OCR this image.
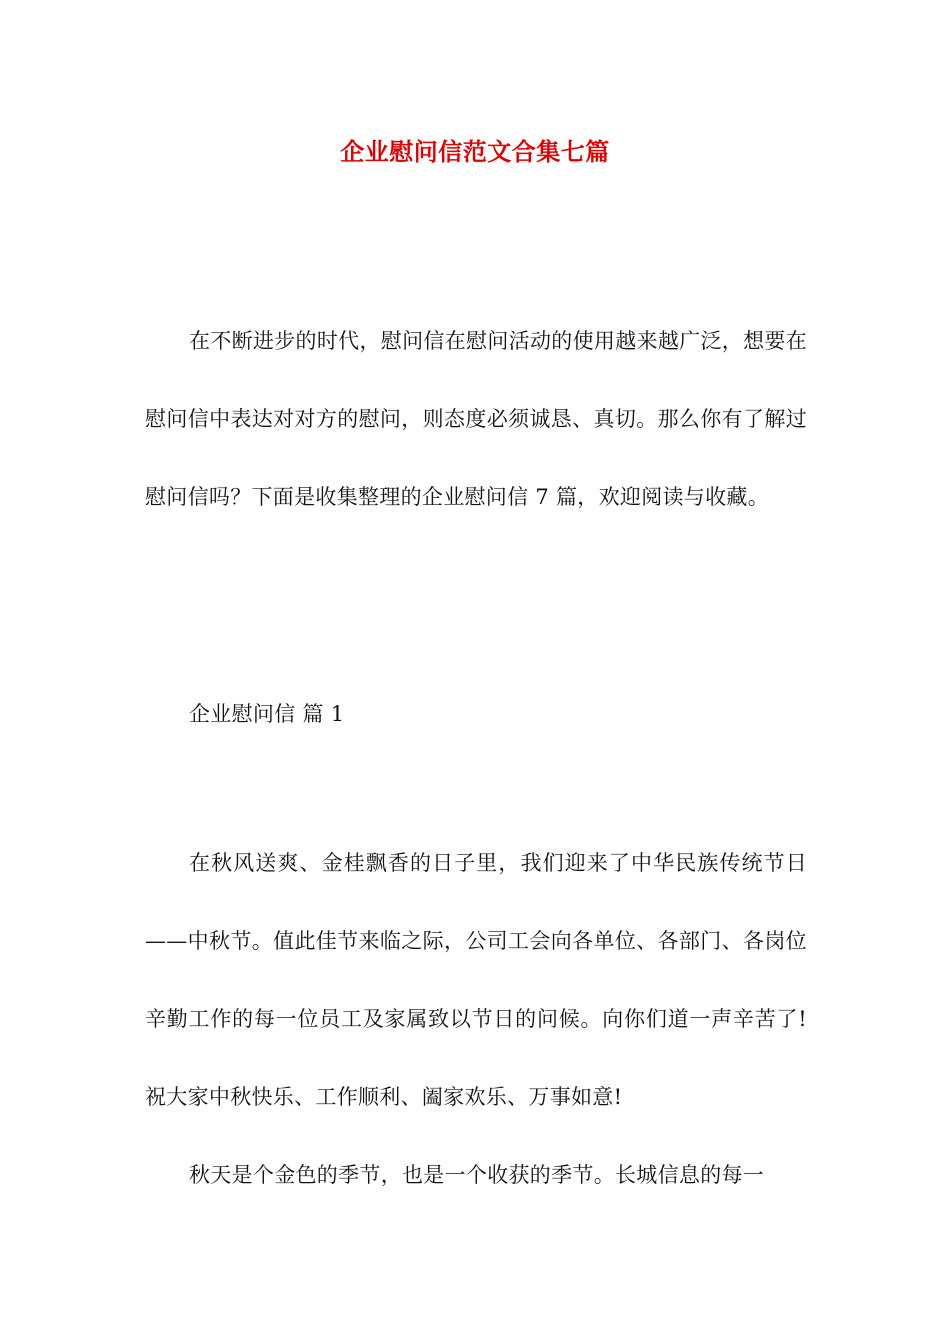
企业慰问信范文合集七篇

在不断进步的时代，慰问信在慰问活动的使用越来越广泛，想要在慰问信中表达对对方的慰问，则态度必须诚恳、真切。那么你有了解过慰问信吗？下面是收集整理的企业慰问信 7 篇，欢迎阅读与收藏。

企业慰问信 篇 1

在秋风送爽、金桂飘香的日子里，我们迎来了中华民族传统节日——中秋节。值此佳节来临之际，公司工会向各单位、各部门、各岗位辛勤工作的每一位员工及家属致以节日的问候。向你们道一声辛苦了!祝大家中秋快乐、工作顺利、阖家欢乐、万事如意!

秋天是个金色的季节，也是一个收获的季节。长城信息的每一
